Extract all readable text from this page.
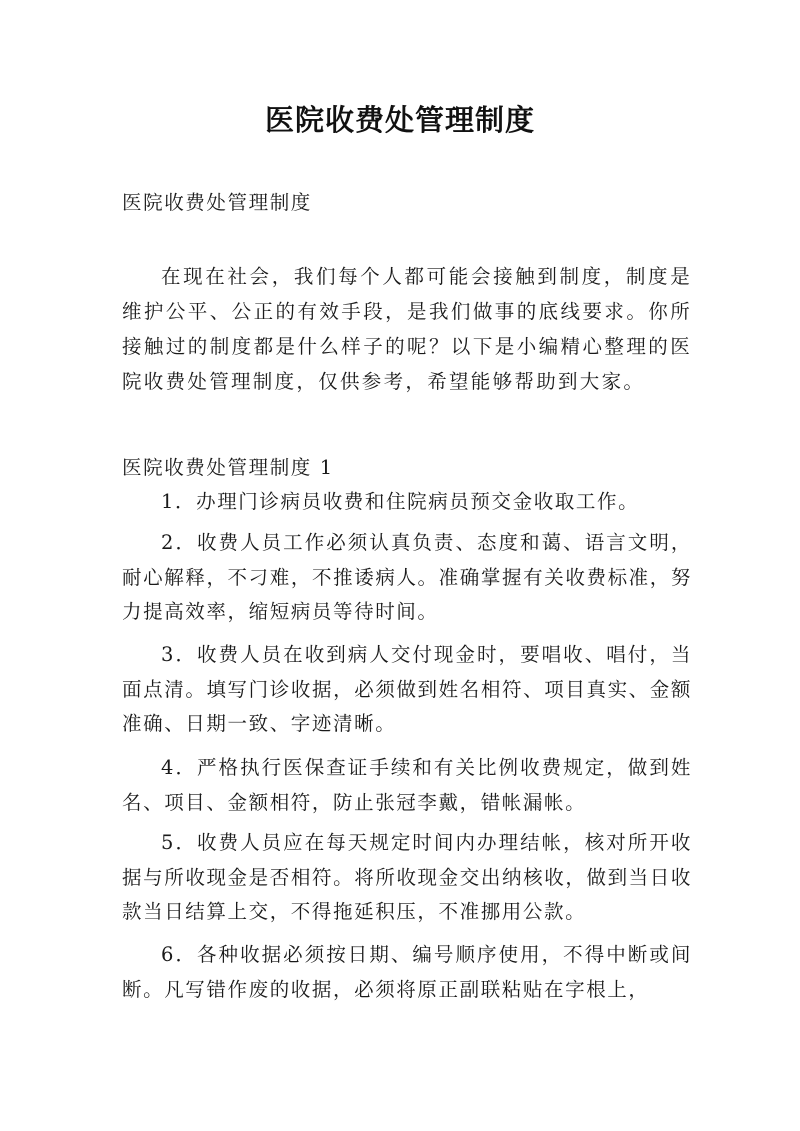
医院收费处管理制度

医院收费处管理制度

在现在社会，我们每个人都可能会接触到制度，制度是维护公平、公正的有效手段，是我们做事的底线要求。你所接触过的制度都是什么样子的呢？以下是小编精心整理的医院收费处管理制度，仅供参考，希望能够帮助到大家。

医院收费处管理制度 1

1．办理门诊病员收费和住院病员预交金收取工作。

2．收费人员工作必须认真负责、态度和蔼、语言文明，耐心解释，不刁难，不推诿病人。准确掌握有关收费标准，努力提高效率，缩短病员等待时间。

3．收费人员在收到病人交付现金时，要唱收、唱付，当面点清。填写门诊收据，必须做到姓名相符、项目真实、金额准确、日期一致、字迹清晰。

4．严格执行医保查证手续和有关比例收费规定，做到姓名、项目、金额相符，防止张冠李戴，错帐漏帐。

5．收费人员应在每天规定时间内办理结帐，核对所开收据与所收现金是否相符。将所收现金交出纳核收，做到当日收款当日结算上交，不得拖延积压，不准挪用公款。

6．各种收据必须按日期、编号顺序使用，不得中断或间断。凡写错作废的收据，必须将原正副联粘贴在字根上，
